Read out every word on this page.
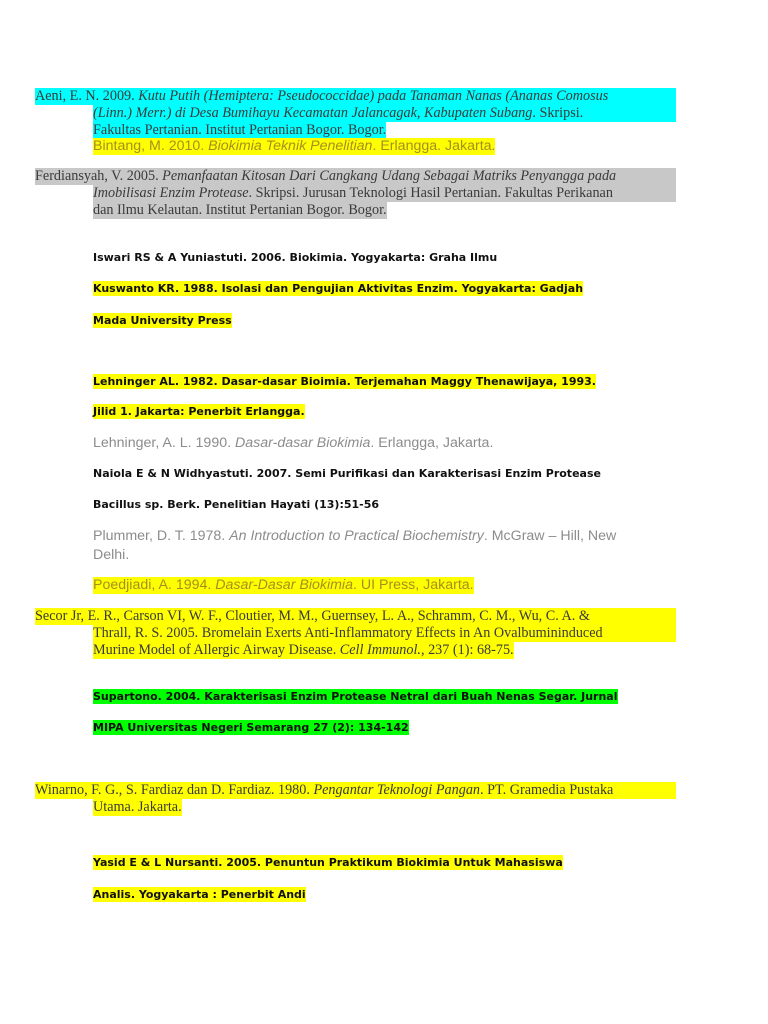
Aeni, E. N. 2009. Kutu Putih (Hemiptera: Pseudococcidae) pada Tanaman Nanas (Ananas Comosus
(Linn.) Merr.) di Desa Bumihayu Kecamatan Jalancagak, Kabupaten Subang. Skripsi.
Fakultas Pertanian. Institut Pertanian Bogor. Bogor.
Bintang, M. 2010. Biokimia Teknik Penelitian. Erlangga. Jakarta.
Ferdiansyah, V. 2005. Pemanfaatan Kitosan Dari Cangkang Udang Sebagai Matriks Penyangga pada
Imobilisasi Enzim Protease. Skripsi. Jurusan Teknologi Hasil Pertanian. Fakultas Perikanan
dan Ilmu Kelautan. Institut Pertanian Bogor. Bogor.
Iswari RS & A Yuniastuti. 2006. Biokimia. Yogyakarta: Graha Ilmu
Kuswanto KR. 1988. Isolasi dan Pengujian Aktivitas Enzim. Yogyakarta: Gadjah
Mada University Press
Lehninger AL. 1982. Dasar-dasar Bioimia. Terjemahan Maggy Thenawijaya, 1993.
Jilid 1. Jakarta: Penerbit Erlangga.
Lehninger, A. L. 1990. Dasar-dasar Biokimia. Erlangga, Jakarta.
Naiola E & N Widhyastuti. 2007. Semi Purifikasi dan Karakterisasi Enzim Protease
Bacillus sp. Berk. Penelitian Hayati (13):51-56
Plummer, D. T. 1978. An Introduction to Practical Biochemistry. McGraw – Hill, New
Delhi.
Poedjiadi, A. 1994. Dasar-Dasar Biokimia. UI Press, Jakarta.
Secor Jr, E. R., Carson VI, W. F., Cloutier, M. M., Guernsey, L. A., Schramm, C. M., Wu, C. A. &
Thrall, R. S. 2005. Bromelain Exerts Anti-Inflammatory Effects in An Ovalbumininduced
Murine Model of Allergic Airway Disease. Cell Immunol., 237 (1): 68-75.
Supartono. 2004. Karakterisasi Enzim Protease Netral dari Buah Nenas Segar. Jurnal
MIPA Universitas Negeri Semarang 27 (2): 134-142
Winarno, F. G., S. Fardiaz dan D. Fardiaz. 1980. Pengantar Teknologi Pangan. PT. Gramedia Pustaka
Utama. Jakarta.
Yasid E & L Nursanti. 2005. Penuntun Praktikum Biokimia Untuk Mahasiswa
Analis. Yogyakarta : Penerbit Andi
